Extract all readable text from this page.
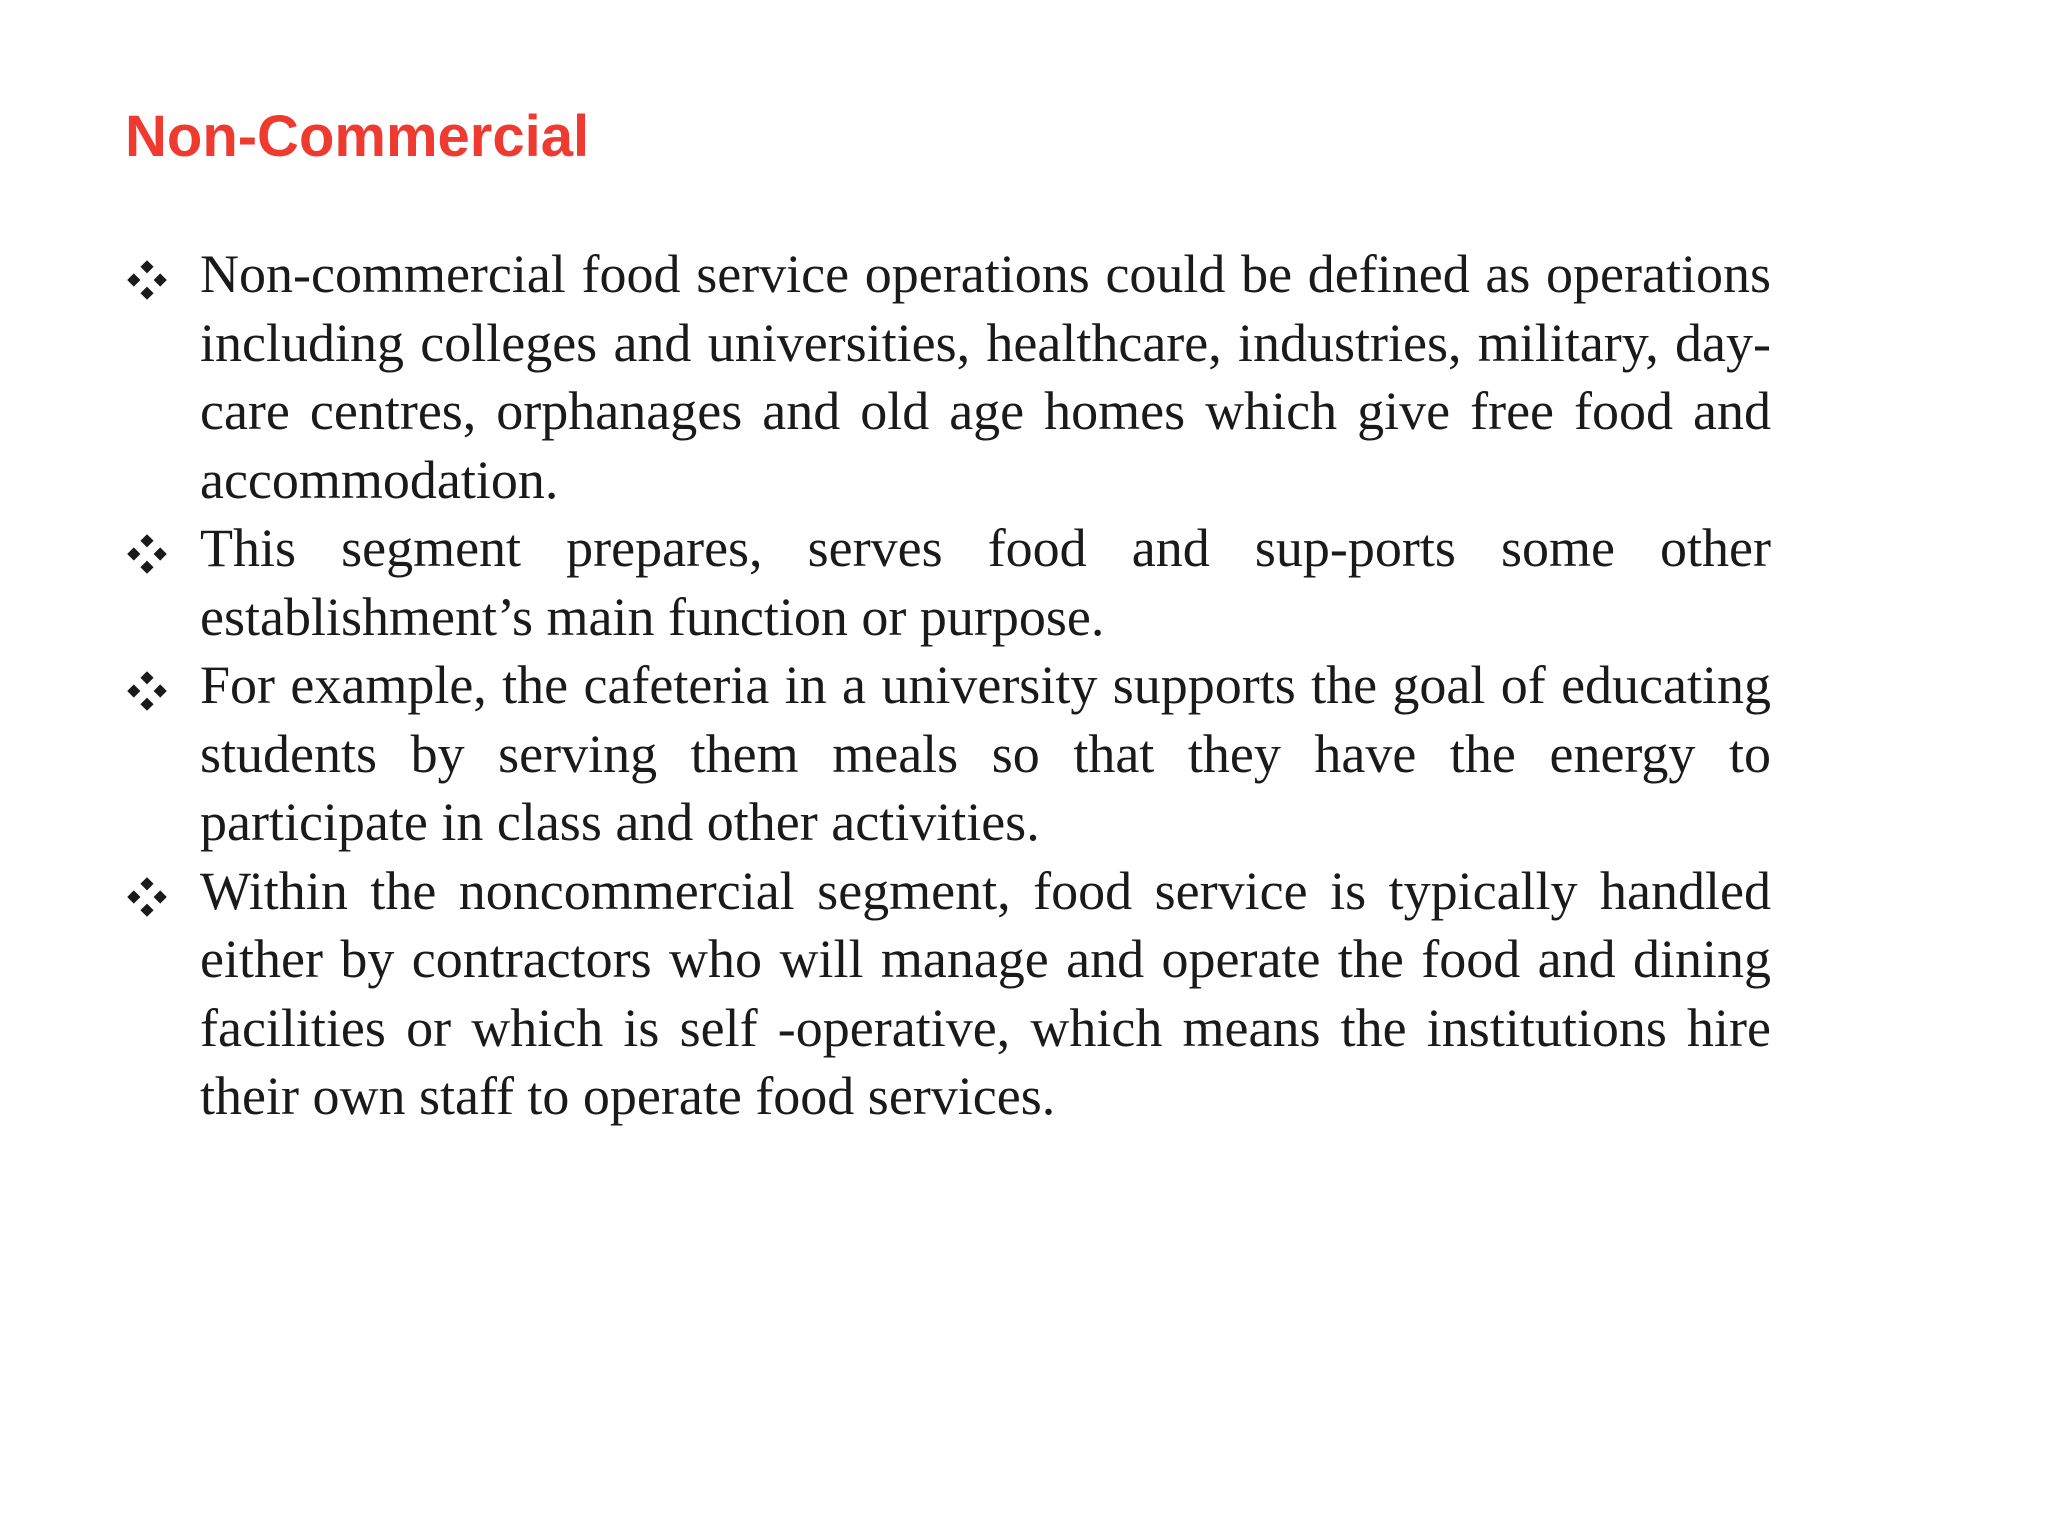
Non-Commercial
Non-commercial food service operations could be defined as operations including colleges and universities, healthcare, industries, military, day-care centres, orphanages and old age homes which give free food and accommodation.
This segment prepares, serves food and sup-ports some other establishment’s main function or purpose.
For example, the cafeteria in a university supports the goal of educating students by serving them meals so that they have the energy to participate in class and other activities.
Within the noncommercial segment, food service is typically handled either by contractors who will manage and operate the food and dining facilities or which is self -operative, which means the institutions hire their own staff to operate food services.
